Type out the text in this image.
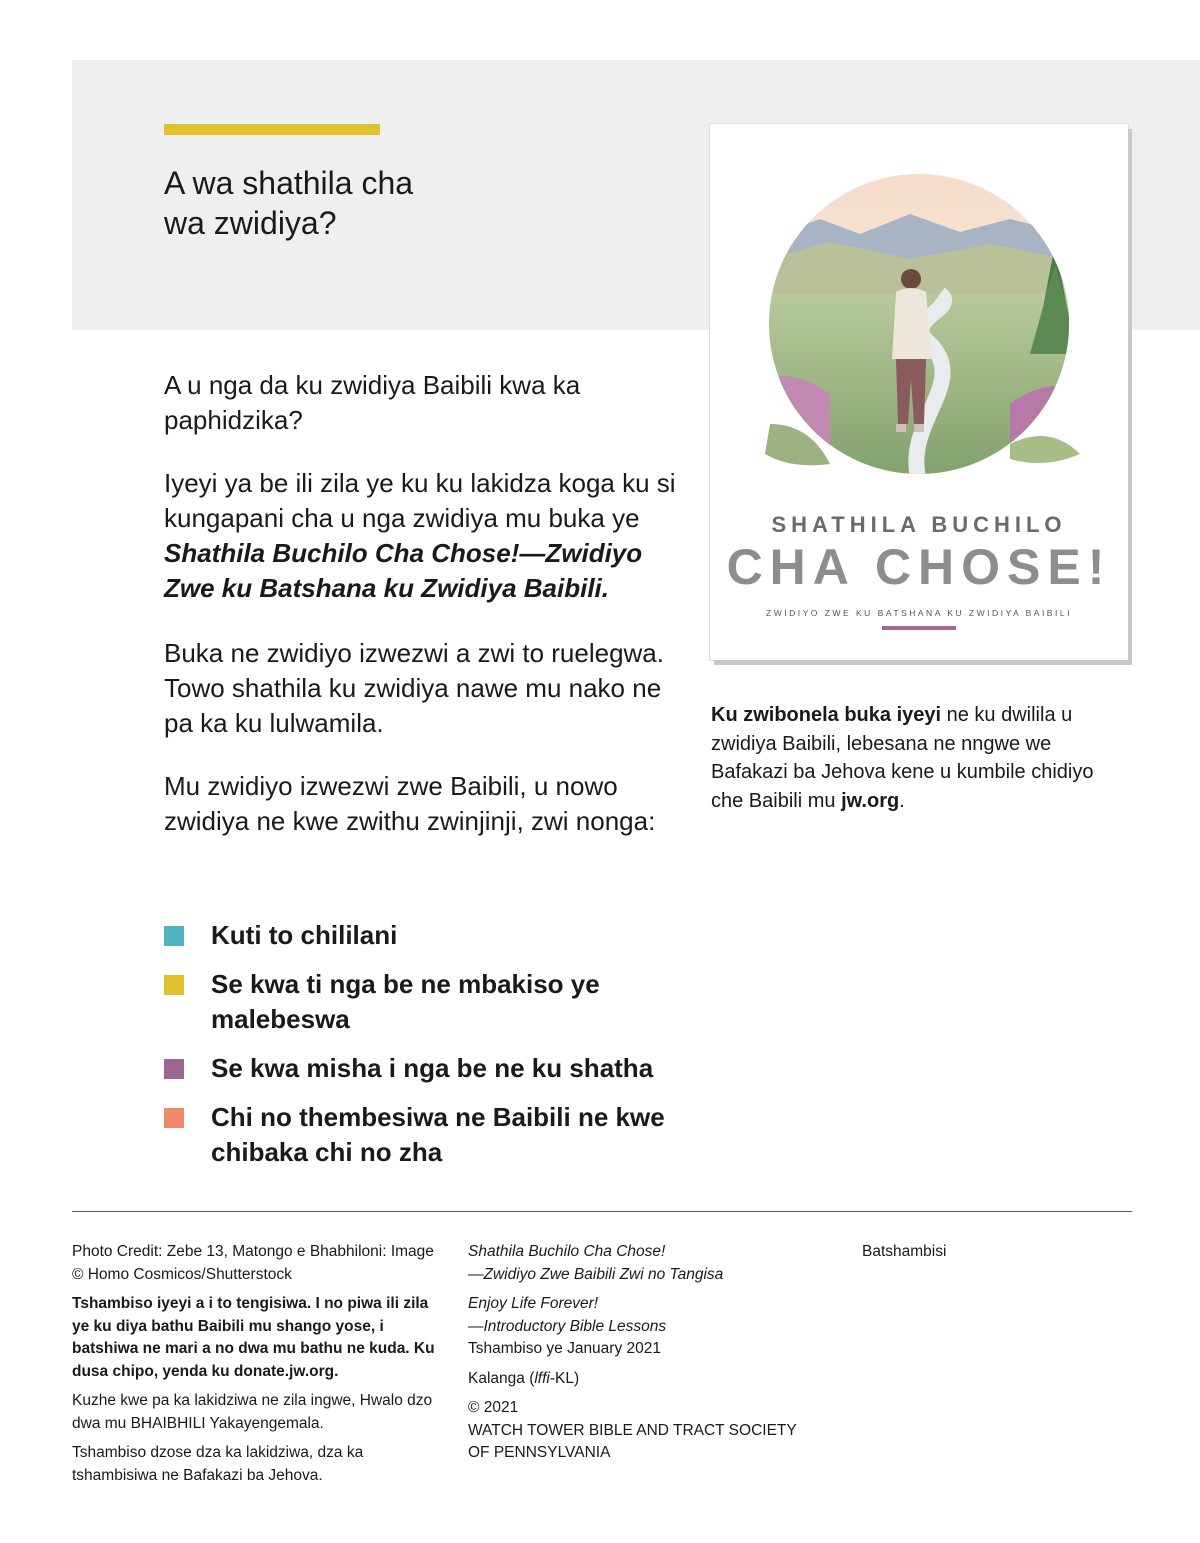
A wa shathila cha
wa zwidiya?
A u nga da ku zwidiya Baibili kwa ka paphidzika?
Iyeyi ya be ili zila ye ku ku lakidza koga ku si kungapani cha u nga zwidiya mu buka ye Shathila Buchilo Cha Chose!—Zwidiyo Zwe ku Batshana ku Zwidiya Baibili.
Buka ne zwidiyo izwezwi a zwi to ruelegwa. Towo shathila ku zwidiya nawe mu nako ne pa ka ku lulwamila.
Mu zwidiyo izwezwi zwe Baibili, u nowo zwidiya ne kwe zwithu zwinjinji, zwi nonga:
Kuti to chililani
Se kwa ti nga be ne mbakiso ye malebeswa
Se kwa misha i nga be ne ku shatha
Chi no thembesiwa ne Baibili ne kwe chibaka chi no zha
SHATHILA BUCHILO
CHA CHOSE!
ZWIDIYO ZWE KU BATSHANA KU ZWIDIYA BAIBILI
Ku zwibonela buka iyeyi ne ku dwilila u zwidiya Baibili, lebesana ne nngwe we Bafakazi ba Jehova kene u kumbile chidiyo che Baibili mu jw.org.

Photo Credit: Zebe 13, Matongo e Bhabhiloni: Image © Homo Cosmicos/Shutterstock

Tshambiso iyeyi a i to tengisiwa. I no piwa ili zila ye ku diya bathu Baibili mu shango yose, i batshiwa ne mari a no dwa mu bathu ne kuda. Ku dusa chipo, yenda ku donate.jw.org.

Kuzhe kwe pa ka lakidziwa ne zila ingwe, Hwalo dzo dwa mu BHAIBHILI Yakayengemala.

Tshambiso dzose dza ka lakidziwa, dza ka tshambisiwa ne Bafakazi ba Jehova.

Shathila Buchilo Cha Chose!
—Zwidiyo Zwe Baibili Zwi no Tangisa

Enjoy Life Forever!
—Introductory Bible Lessons
Tshambiso ye January 2021

Kalanga (lffi-KL)

© 2021
WATCH TOWER BIBLE AND TRACT SOCIETY
OF PENNSYLVANIA

Batshambisi
